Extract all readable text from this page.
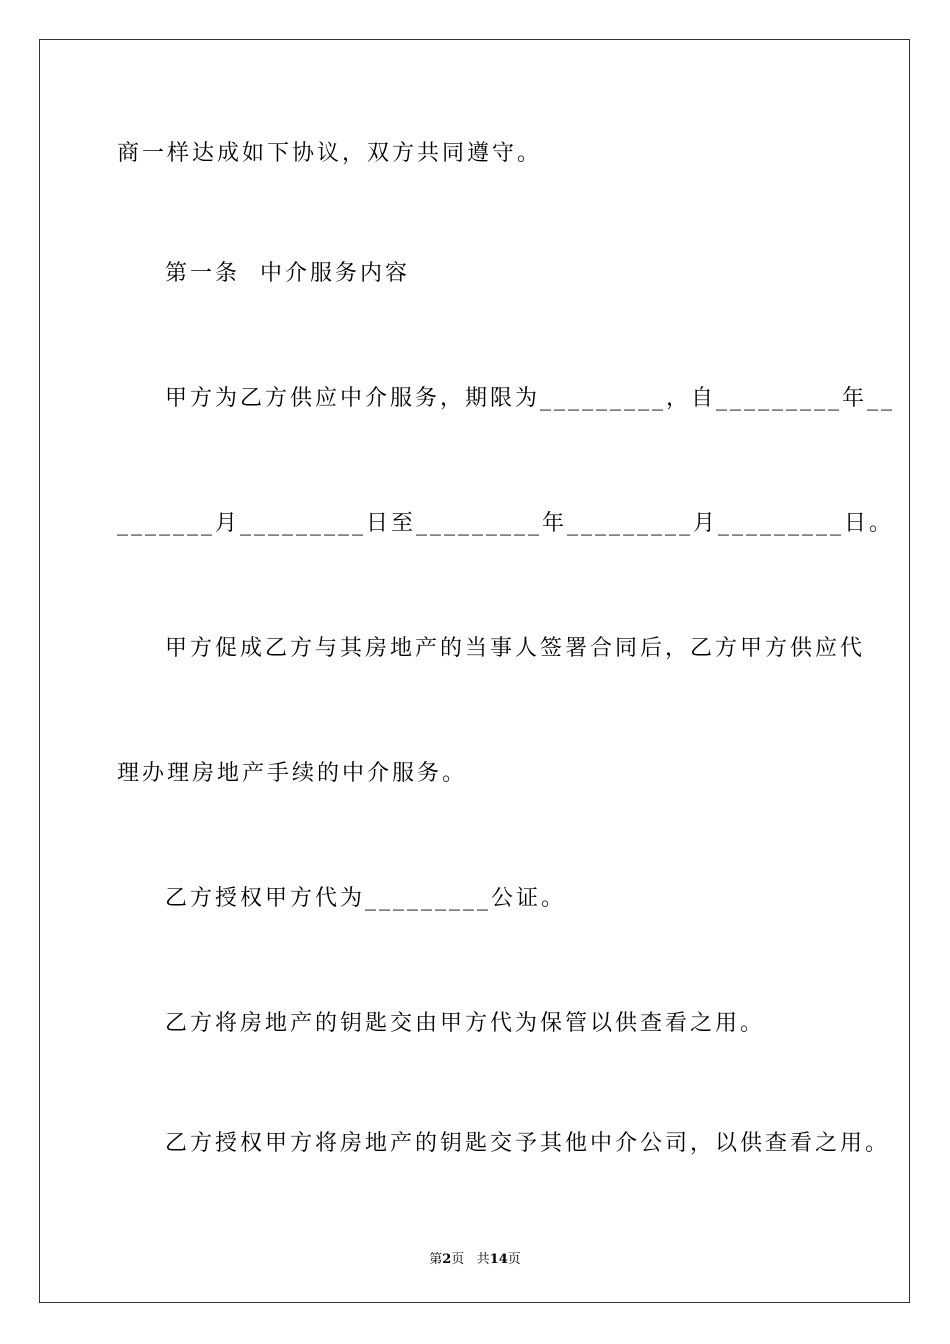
商一样达成如下协议，双方共同遵守。
第一条  中介服务内容
甲方为乙方供应中介服务，期限为_________，自_________年__
_______月_________日至_________年_________月_________日。
甲方促成乙方与其房地产的当事人签署合同后，乙方甲方供应代
理办理房地产手续的中介服务。
乙方授权甲方代为_________公证。
乙方将房地产的钥匙交由甲方代为保管以供查看之用。
乙方授权甲方将房地产的钥匙交予其他中介公司，以供查看之用。
第2页 共14页
